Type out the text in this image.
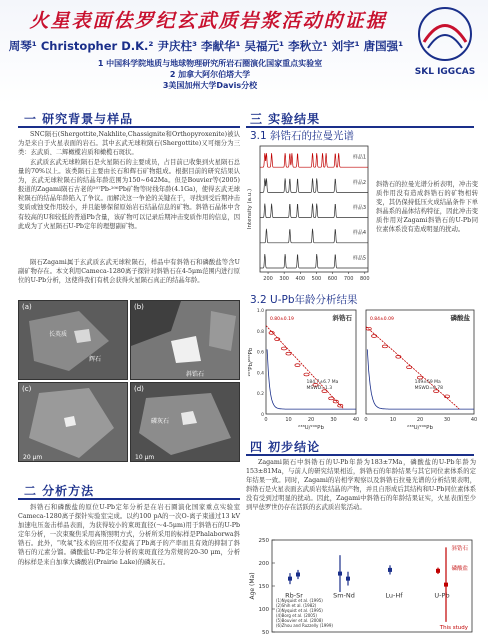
火星表面佉罗纪玄武质岩浆活动的证据
周琴¹ Christopher D.K.² 尹庆柱³ 李献华¹ 吴福元¹ 李秋立¹ 刘宇¹ 唐国强¹
1 中国科学院地质与地球物理研究所岩石圈演化国家重点实验室
2 加拿大阿尔伯塔大学
3美国加州大学Davis分校
SKL IGGCAS
一 研究背景与样品
SNC陨石(Shergottite,Nakhlite,Chassignite和Orthopyroxenite)被认为是来自于火星表面的岩石。其中玄武无球粒陨石(Shergottite)又可细分为三类：玄武质、二辉橄榄岩质和橄榄石斑状。
玄武质玄武无球粒陨石是火星陨石的主要成员，占目前已收集到火星陨石总量的70%以上。该类陨石主要由长石和辉石矿物组成。根据目前的研究结果认为，玄武无球粒陨石的结晶年龄范围为150~642Ma。但是Bouvier等(2005)报道的Zagami陨石古老的²⁰⁷Pb-²⁰⁶Pb矿物等时线年龄(4.1Ga)，使得玄武无球粒陨石的结晶年龄陷入了争议。而解决这一争论的关键在于，寻找到受后期冲击变质或蚀变作用较小，并且能够保留原始岩石结晶信息的矿物。斜锆石晶体中含有较高的U和较低的普通Pb含量，该矿物可以记录后期冲击变质作用的信息，因此成为了火星陨石U-Pb定年的理想副矿物。
陨石Zagami属于玄武质玄武无球粒陨石，样品中有斜锆石和磷酸盐等含U副矿物存在。本文利用Cameca-1280离子探针对斜锆石在4-5μm范围内进行原位的U-Pb分析，这使得我们有机会获得火星陨石真正的结晶年龄。
长英质
辉石
(a)
斜锆石
(b)
20 μm
(c)
磷灰石
10 μm
(d)
二 分析方法
斜锆石和磷酸盐的原位U-Pb定年分析是在岩石圈演化国家重点实验室Cameca-1280离子探针实验室完成。以约100 pA的一次O-离子束通过13 kV加速电压轰击样品表面，为获得较小的束斑直径(～4-5μm)用于斜锆石的U-Pb定年分析，一次束聚焦采用高斯照明方式，分析所采用的标样是Phalaborwa斜锆石。此外，“吹氧”技术的应用不仅提高了Pb离子的产率而且有效的抑制了斜锆石的元素分馏。磷酸盐U-Pb定年分析的束斑直径为常规的20-30 μm，分析的标样是来自加拿大磷酸岩(Prairie Lake)的磷灰石。
三 实验结果
3.1 斜锆石的拉曼光谱
样品1
样品2
样品3
样品4
样品5
200 300 400 500 600 700 800
Intensity (a.u.)
斜锆石的拉曼光谱分析表明，冲击变质作用没有造成斜锆石的矿物相转变，其仍保持低压火成结晶条件下单斜晶系的晶体结构特征，因此冲击变质作用对Zagami斜锆石的U-Pb同位素体系没有造成明显的扰动。
3.2 U-Pb年龄分析结果
0	10	20	30	40
0
0.2
0.4
0.6
0.8
1.0
²³⁸U/²⁰⁶Pb
²⁰⁷Pb/²⁰⁶Pb
斜锆石
0.80±0.19
184.7±6.7 Ma
MSWD=1.3
0	10	20	30	40
²³⁸U/²⁰⁶Pb
磷酸盐
0.84±0.09
149±59 Ma
MSWD=0.78
四 初步结论
Zagami陨石中斜锆石的U-Pb年龄为183±7Ma，磷酸盐的U-Pb年龄为153±81Ma，与前人的研究结果相近，斜锆石的年龄结果与其它同位素体系的定年结果一致。同时，Zagami的岩相学观察以及斜锆石拉曼光谱的分析结果表明，斜锆石是火星表面玄武质岩浆结晶的产物，并且自形成后其结构和U-Pb同位素体系没有受到过明显的扰动。因此，Zagami中斜锆石的年龄结果证实，火星表面至少到早佉罗世仍存在活跃的玄武质岩浆活动。
50
100
150
200
250
Age (Ma)	Rb-Sr	Sm-Nd	Lu-Hf	U-Pb
斜锆石
磷酸盐
This study
(1)Nyquist et al. (1995)
(2)Shih et al. (1982)
(3)Nyquist et al. (1995)
(4)Borg et al. (2005)
(5)Bouvier et al. (2008)
(6)Zhou and Ruzzelly (1999)
